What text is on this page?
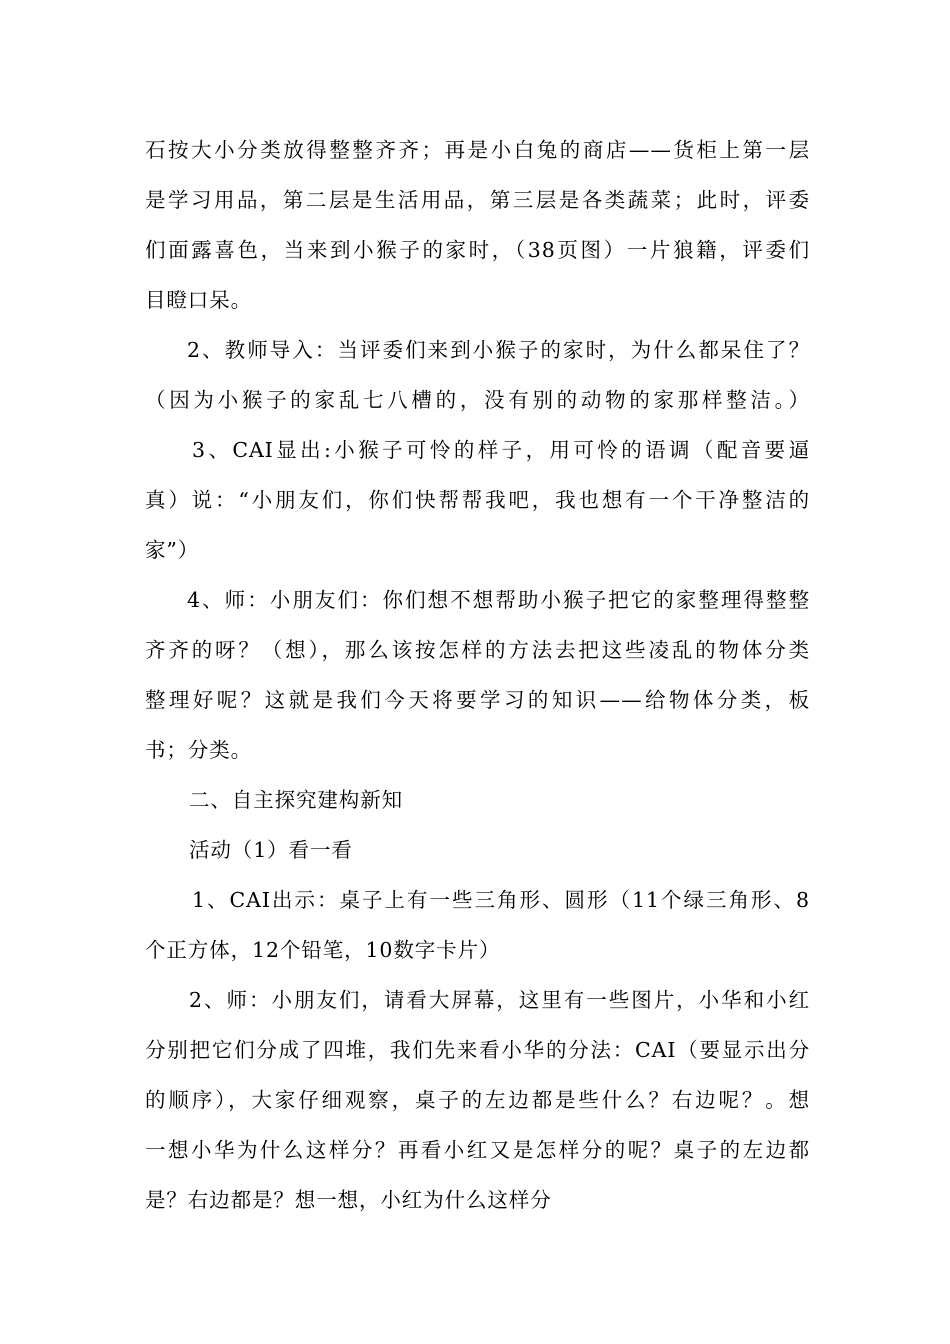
石按大小分类放得整整齐齐；再是小白兔的商店——货柜上第一层
是学习用品，第二层是生活用品，第三层是各类蔬菜；此时，评委
们面露喜色，当来到小猴子的家时，（38页图）一片狼籍，评委们
目瞪口呆。
2、教师导入：当评委们来到小猴子的家时，为什么都呆住了？
（因为小猴子的家乱七八槽的，没有别的动物的家那样整洁。）
3、CAI显出:小猴子可怜的样子，用可怜的语调（配音要逼
真）说：“小朋友们，你们快帮帮我吧，我也想有一个干净整洁的
家”）
4、师：小朋友们：你们想不想帮助小猴子把它的家整理得整整
齐齐的呀？（想），那么该按怎样的方法去把这些凌乱的物体分类
整理好呢？这就是我们今天将要学习的知识——给物体分类，板
书；分类。
二、自主探究建构新知
活动（1）看一看
1、CAI出示：桌子上有一些三角形、圆形（11个绿三角形、8
个正方体，12个铅笔，10数字卡片）
2、师：小朋友们，请看大屏幕，这里有一些图片，小华和小红
分别把它们分成了四堆，我们先来看小华的分法：CAI（要显示出分
的顺序），大家仔细观察，桌子的左边都是些什么？右边呢？。想
一想小华为什么这样分？再看小红又是怎样分的呢？桌子的左边都
是？右边都是？想一想，小红为什么这样分
